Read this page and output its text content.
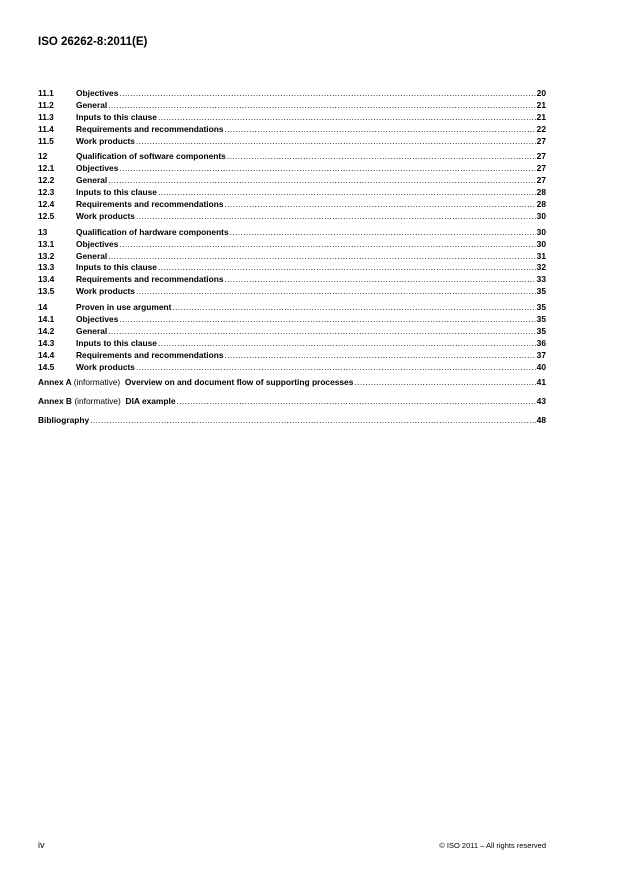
ISO 26262-8:2011(E)
11.1	Objectives .....	20
11.2	General .....	21
11.3	Inputs to this clause .....	21
11.4	Requirements and recommendations .....	22
11.5	Work products .....	27
12	Qualification of software components .....	27
12.1	Objectives .....	27
12.2	General .....	27
12.3	Inputs to this clause .....	28
12.4	Requirements and recommendations .....	28
12.5	Work products .....	30
13	Qualification of hardware components .....	30
13.1	Objectives .....	30
13.2	General .....	31
13.3	Inputs to this clause .....	32
13.4	Requirements and recommendations .....	33
13.5	Work products .....	35
14	Proven in use argument .....	35
14.1	Objectives .....	35
14.2	General .....	35
14.3	Inputs to this clause .....	36
14.4	Requirements and recommendations .....	37
14.5	Work products .....	40
Annex A (informative) Overview on and document flow of supporting processes .....	41
Annex B (informative) DIA example .....	43
Bibliography .....	48
iv	© ISO 2011 – All rights reserved
